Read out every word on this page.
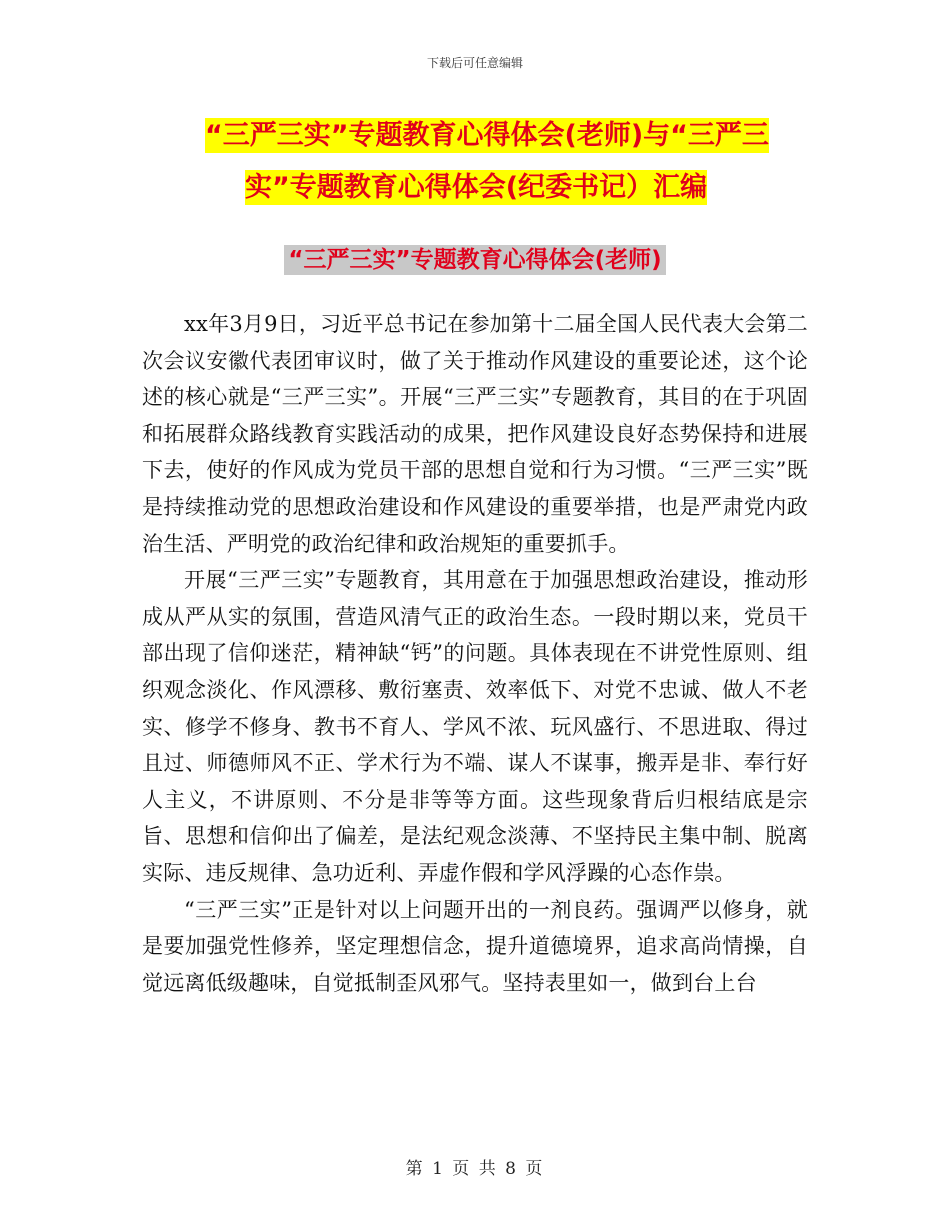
下载后可任意编辑
“三严三实”专题教育心得体会(老师)与“三严三
实”专题教育心得体会(纪委书记）汇编
“三严三实”专题教育心得体会(老师)

xx年3月9日，习近平总书记在参加第十二届全国人民代表大会第二次会议安徽代表团审议时，做了关于推动作风建设的重要论述，这个论述的核心就是“三严三实”。开展“三严三实”专题教育，其目的在于巩固和拓展群众路线教育实践活动的成果，把作风建设良好态势保持和进展下去，使好的作风成为党员干部的思想自觉和行为习惯。“三严三实”既是持续推动党的思想政治建设和作风建设的重要举措，也是严肃党内政治生活、严明党的政治纪律和政治规矩的重要抓手。

开展“三严三实”专题教育，其用意在于加强思想政治建设，推动形成从严从实的氛围，营造风清气正的政治生态。一段时期以来，党员干部出现了信仰迷茫，精神缺“钙”的问题。具体表现在不讲党性原则、组织观念淡化、作风漂移、敷衍塞责、效率低下、对党不忠诚、做人不老实、修学不修身、教书不育人、学风不浓、玩风盛行、不思进取、得过且过、师德师风不正、学术行为不端、谋人不谋事，搬弄是非、奉行好人主义，不讲原则、不分是非等等方面。这些现象背后归根结底是宗旨、思想和信仰出了偏差，是法纪观念淡薄、不坚持民主集中制、脱离实际、违反规律、急功近利、弄虚作假和学风浮躁的心态作祟。

“三严三实”正是针对以上问题开出的一剂良药。强调严以修身，就是要加强党性修养，坚定理想信念，提升道德境界，追求高尚情操，自觉远离低级趣味，自觉抵制歪风邪气。坚持表里如一，做到台上台

第 1 页 共 8 页
